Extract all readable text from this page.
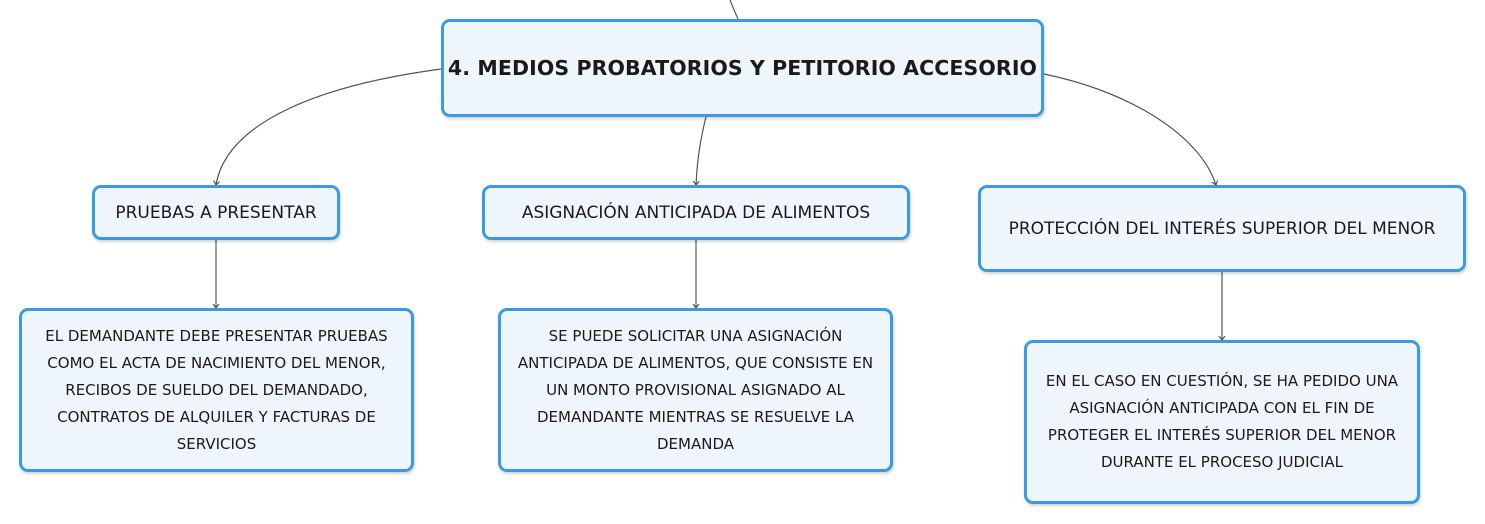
4. MEDIOS PROBATORIOS Y PETITORIO ACCESORIO
PRUEBAS A PRESENTAR	ASIGNACIÓN ANTICIPADA DE ALIMENTOS
PROTECCIÓN DEL INTERÉS SUPERIOR DEL MENOR
EL DEMANDANTE DEBE PRESENTAR PRUEBAS COMO EL ACTA DE NACIMIENTO DEL MENOR, RECIBOS DE SUELDO DEL DEMANDADO, CONTRATOS DE ALQUILER Y FACTURAS DE SERVICIOS
SE PUEDE SOLICITAR UNA ASIGNACIÓN ANTICIPADA DE ALIMENTOS, QUE CONSISTE EN UN MONTO PROVISIONAL ASIGNADO AL DEMANDANTE MIENTRAS SE RESUELVE LA DEMANDA
EN EL CASO EN CUESTIÓN, SE HA PEDIDO UNA ASIGNACIÓN ANTICIPADA CON EL FIN DE PROTEGER EL INTERÉS SUPERIOR DEL MENOR DURANTE EL PROCESO JUDICIAL
